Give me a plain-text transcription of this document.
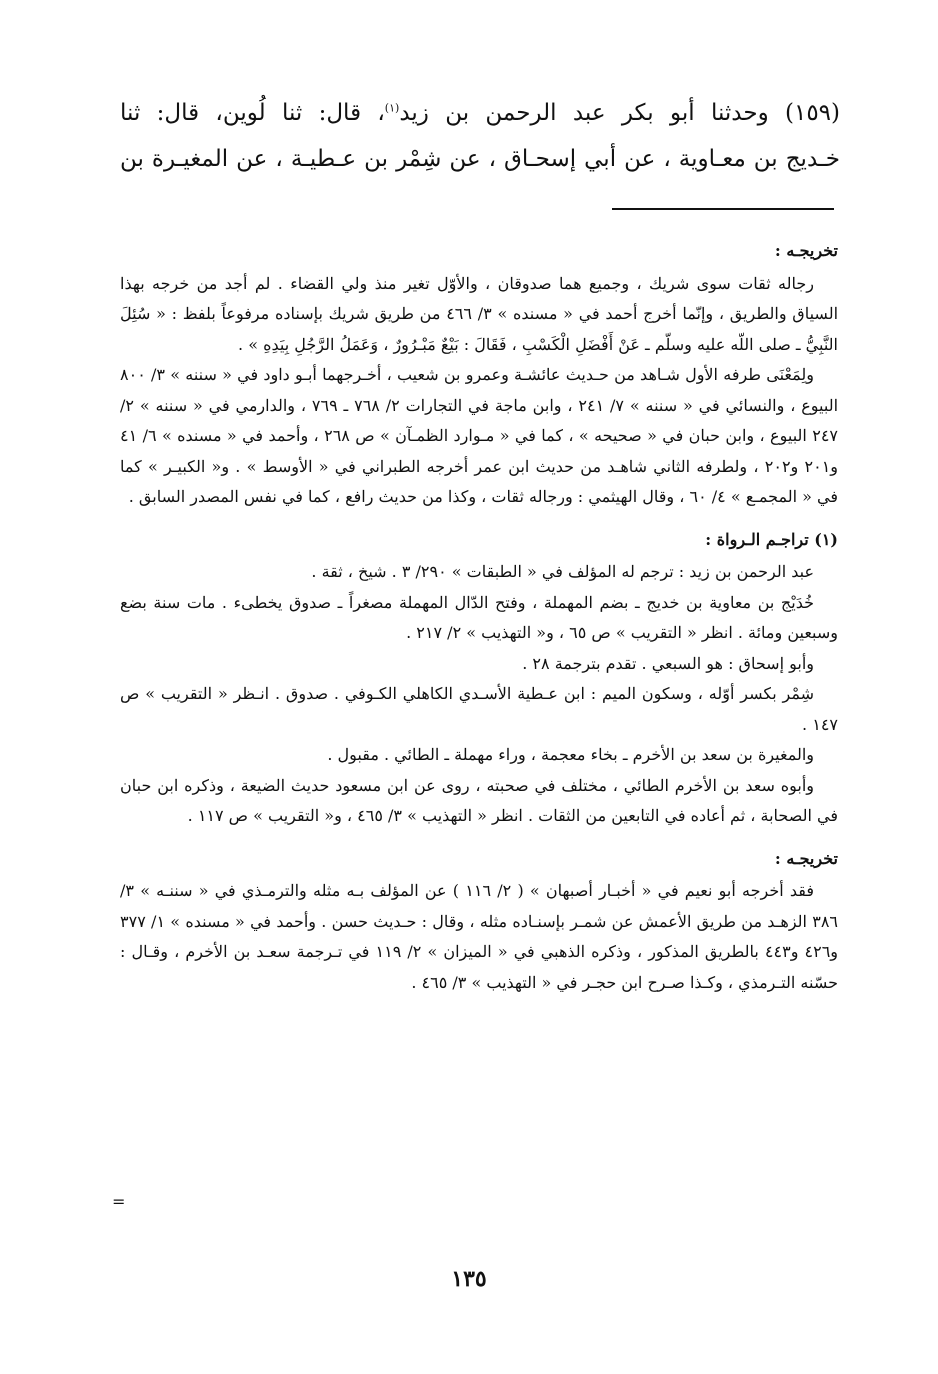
(١٥٩) وحدثنا أبو بكر عبد الرحمن بن زيد$^{(١)}$، قال: ثنا لُوين، قال: ثنا

خـديج بن معـاوية ، عن أبي إسحـاق ، عن شِمْر بن عـطيـة ، عن المغيـرة بن

تخريجـه :

رجاله ثقات سوى شريك ، وجميع هما صدوقان ، والأوّل تغير منذ ولي القضاء . لم أجد من خرجه بهذا السياق والطريق ، وإنّما أخرج أحمد في « مسنده » ٣/ ٤٦٦ من طريق شريك بإسناده مرفوعاً بلفظ : « سُئِلَ النَّبِيُّ ـ صلى اللّه عليه وسلّم ـ عَنْ أَفْضَلِ الْكَسْبِ ، فَقَالَ : بَيْعٌ مَبْـرُورٌ ، وَعَمَلُ الرَّجُلِ بِيَدِهِ » .

ولِمَعْنَى طرفه الأول شـاهد من حـديث عائشـة وعمرو بن شعيب ، أخـرجهما أبـو داود في « سننه » ٣/ ٨٠٠ البيوع ، والنسائي في « سننه » ٧/ ٢٤١ ، وابن ماجة في التجارات ٢/ ٧٦٨ ـ ٧٦٩ ، والدارمي في « سننه » ٢/ ٢٤٧ البيوع ، وابن حبان في « صحيحه » ، كما في « مـوارد الظمـآن » ص ٢٦٨ ، وأحمد في « مسنده » ٦/ ٤١ و٢٠١ و٢٠٢ ، ولطرفه الثاني شاهـد من حديث ابن عمر أخرجه الطبراني في « الأوسط » . و« الكبيـر » كما في « المجمـع » ٤/ ٦٠ ، وقال الهيثمي : ورجاله ثقات ، وكذا من حديث رافع ، كما في نفس المصدر السابق .

(١) تراجـم الـرواة :

عبد الرحمن بن زيد : ترجم له المؤلف في « الطبقات » ٢٩٠/ ٣ . شيخ ، ثقة .

خُدَيْج بن معاوية بن خديج ـ بضم المهملة ، وفتح الدّال المهملة مصغراً ـ صدوق يخطىء . مات سنة بضع وسبعين ومائة . انظر « التقريب » ص ٦٥ ، و« التهذيب » ٢/ ٢١٧ .

وأبو إسحاق : هو السبعي . تقدم بترجمة ٢٨ .

شِمْر بكسر أوّله ، وسكون الميم : ابن عـطية الأسـدي الكاهلي الكـوفي . صدوق . انـظر « التقريب » ص ١٤٧ .

والمغيرة بن سعد بن الأخرم ـ بخاء معجمة ، وراء مهملة ـ الطائي . مقبول .

وأبوه سعد بن الأخرم الطائي ، مختلف في صحبته ، روى عن ابن مسعود حديث الضيعة ، وذكره ابن حبان في الصحابة ، ثم أعاده في التابعين من الثقات . انظر « التهذيب » ٣/ ٤٦٥ ، و« التقريب » ص ١١٧ .

تخريجـه :

فقد أخرجه أبو نعيم في « أخبـار أصبهان » ( ٢/ ١١٦ ) عن المؤلف بـه مثله والترمـذي في « سننـه » ٣/ ٣٨٦ الزهـد من طريق الأعمش عن شمـر بإسنـاده مثله ، وقال : حـديث حسن . وأحمد في « مسنده » ١/ ٣٧٧ و٤٢٦ و٤٤٣ بالطريق المذكور ، وذكره الذهبي في « الميزان » ٢/ ١١٩ في تـرجمة سعـد بن الأخرم ، وقـال : حسّنه التـرمذي ، وكـذا صـرح ابن حجـر في « التهذيب » ٣/ ٤٦٥ .

=
١٣٥
